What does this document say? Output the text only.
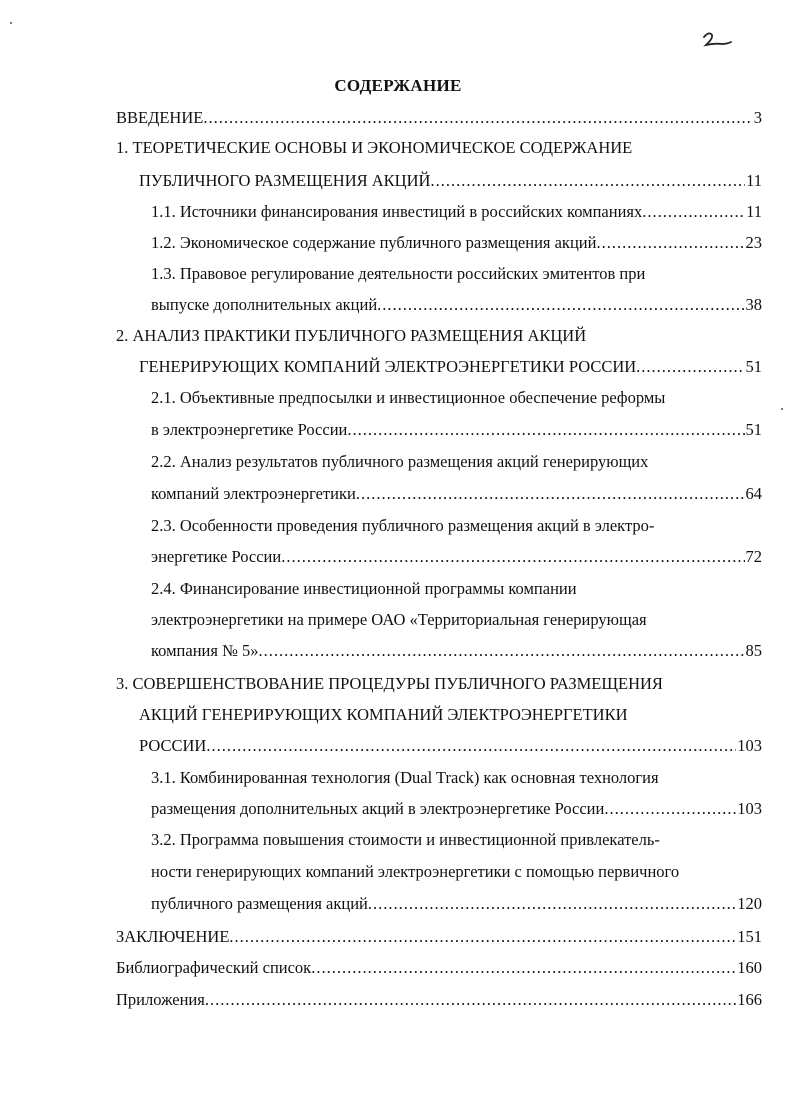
СОДЕРЖАНИЕ
ВВЕДЕНИЕ .....	3
1. ТЕОРЕТИЧЕСКИЕ ОСНОВЫ И ЭКОНОМИЧЕСКОЕ СОДЕРЖАНИЕ
ПУБЛИЧНОГО РАЗМЕЩЕНИЯ АКЦИЙ .....	11
1.1. Источники финансирования инвестиций в российских компаниях .....	11
1.2. Экономическое содержание публичного размещения акций .....	23
1.3. Правовое регулирование деятельности российских эмитентов при
выпуске дополнительных акций .....	38
2. АНАЛИЗ ПРАКТИКИ ПУБЛИЧНОГО РАЗМЕЩЕНИЯ АКЦИЙ
ГЕНЕРИРУЮЩИХ КОМПАНИЙ ЭЛЕКТРОЭНЕРГЕТИКИ РОССИИ .....	51
2.1. Объективные предпосылки и инвестиционное обеспечение реформы
в электроэнергетике России .....	51
2.2. Анализ результатов публичного размещения акций генерирующих
компаний электроэнергетики .....	64
2.3. Особенности проведения публичного размещения акций в электро-
энергетике России .....	72
2.4. Финансирование инвестиционной программы компании
электроэнергетики на примере ОАО «Территориальная генерирующая
компания № 5» .....	85
3. СОВЕРШЕНСТВОВАНИЕ ПРОЦЕДУРЫ ПУБЛИЧНОГО РАЗМЕЩЕНИЯ
АКЦИЙ ГЕНЕРИРУЮЩИХ КОМПАНИЙ ЭЛЕКТРОЭНЕРГЕТИКИ
РОССИИ .....	103
3.1. Комбинированная технология (Dual Track) как основная технология
размещения дополнительных акций в электроэнергетике России .....	103
3.2. Программа повышения стоимости и инвестиционной привлекатель-
ности генерирующих компаний электроэнергетики с помощью первичного
публичного размещения акций .....	120
ЗАКЛЮЧЕНИЕ .....	151
Библиографический список .....	160
Приложения .....	166
